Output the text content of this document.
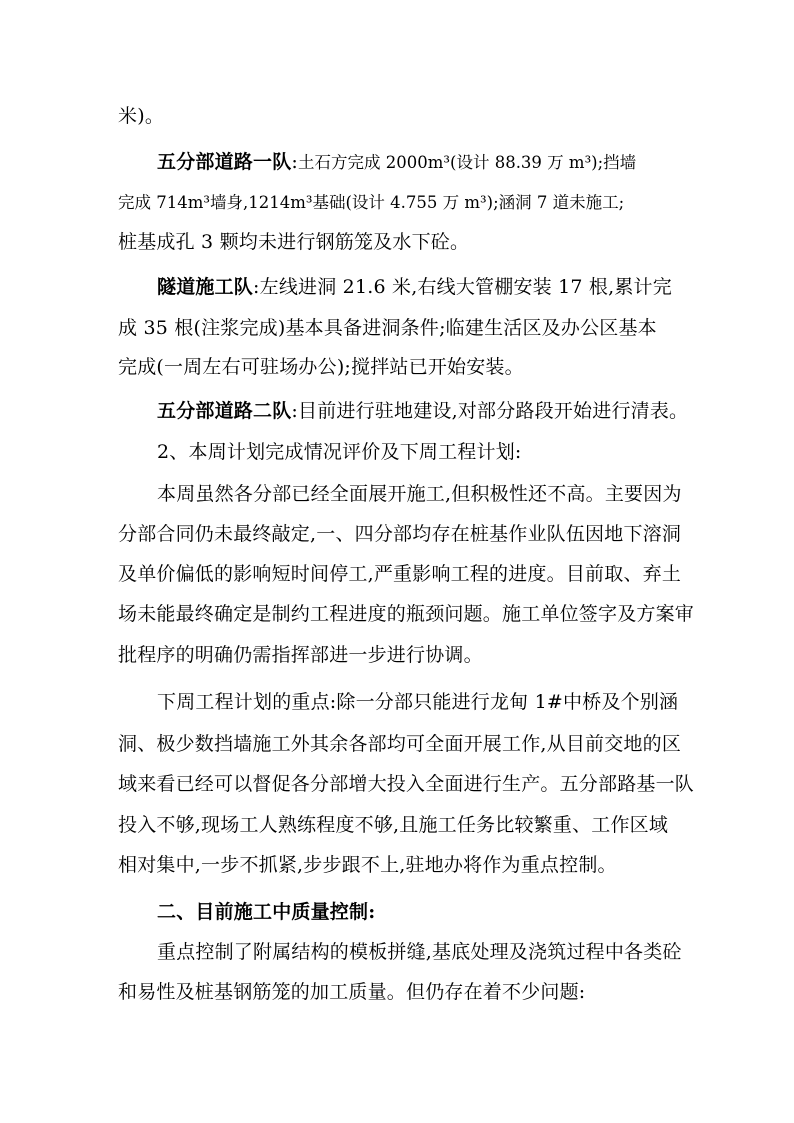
米)。
五分部道路一队:土石方完成 2000m³(设计 88.39 万 m³);挡墙
完成 714m³墙身,1214m³基础(设计 4.755 万 m³);涵洞 7 道未施工;
桩基成孔 3 颗均未进行钢筋笼及水下砼。
隧道施工队:左线进洞 21.6 米,右线大管棚安装 17 根,累计完
成 35 根(注浆完成)基本具备进洞条件;临建生活区及办公区基本
完成(一周左右可驻场办公);搅拌站已开始安装。
五分部道路二队:目前进行驻地建设,对部分路段开始进行清表。
2、本周计划完成情况评价及下周工程计划:
本周虽然各分部已经全面展开施工,但积极性还不高。主要因为
分部合同仍未最终敲定,一、四分部均存在桩基作业队伍因地下溶洞
及单价偏低的影响短时间停工,严重影响工程的进度。目前取、弃土
场未能最终确定是制约工程进度的瓶颈问题。施工单位签字及方案审
批程序的明确仍需指挥部进一步进行协调。
下周工程计划的重点:除一分部只能进行龙甸 1#中桥及个别涵
洞、极少数挡墙施工外其余各部均可全面开展工作,从目前交地的区
域来看已经可以督促各分部增大投入全面进行生产。五分部路基一队
投入不够,现场工人熟练程度不够,且施工任务比较繁重、工作区域
相对集中,一步不抓紧,步步跟不上,驻地办将作为重点控制。
二、目前施工中质量控制:
重点控制了附属结构的模板拼缝,基底处理及浇筑过程中各类砼
和易性及桩基钢筋笼的加工质量。但仍存在着不少问题:
